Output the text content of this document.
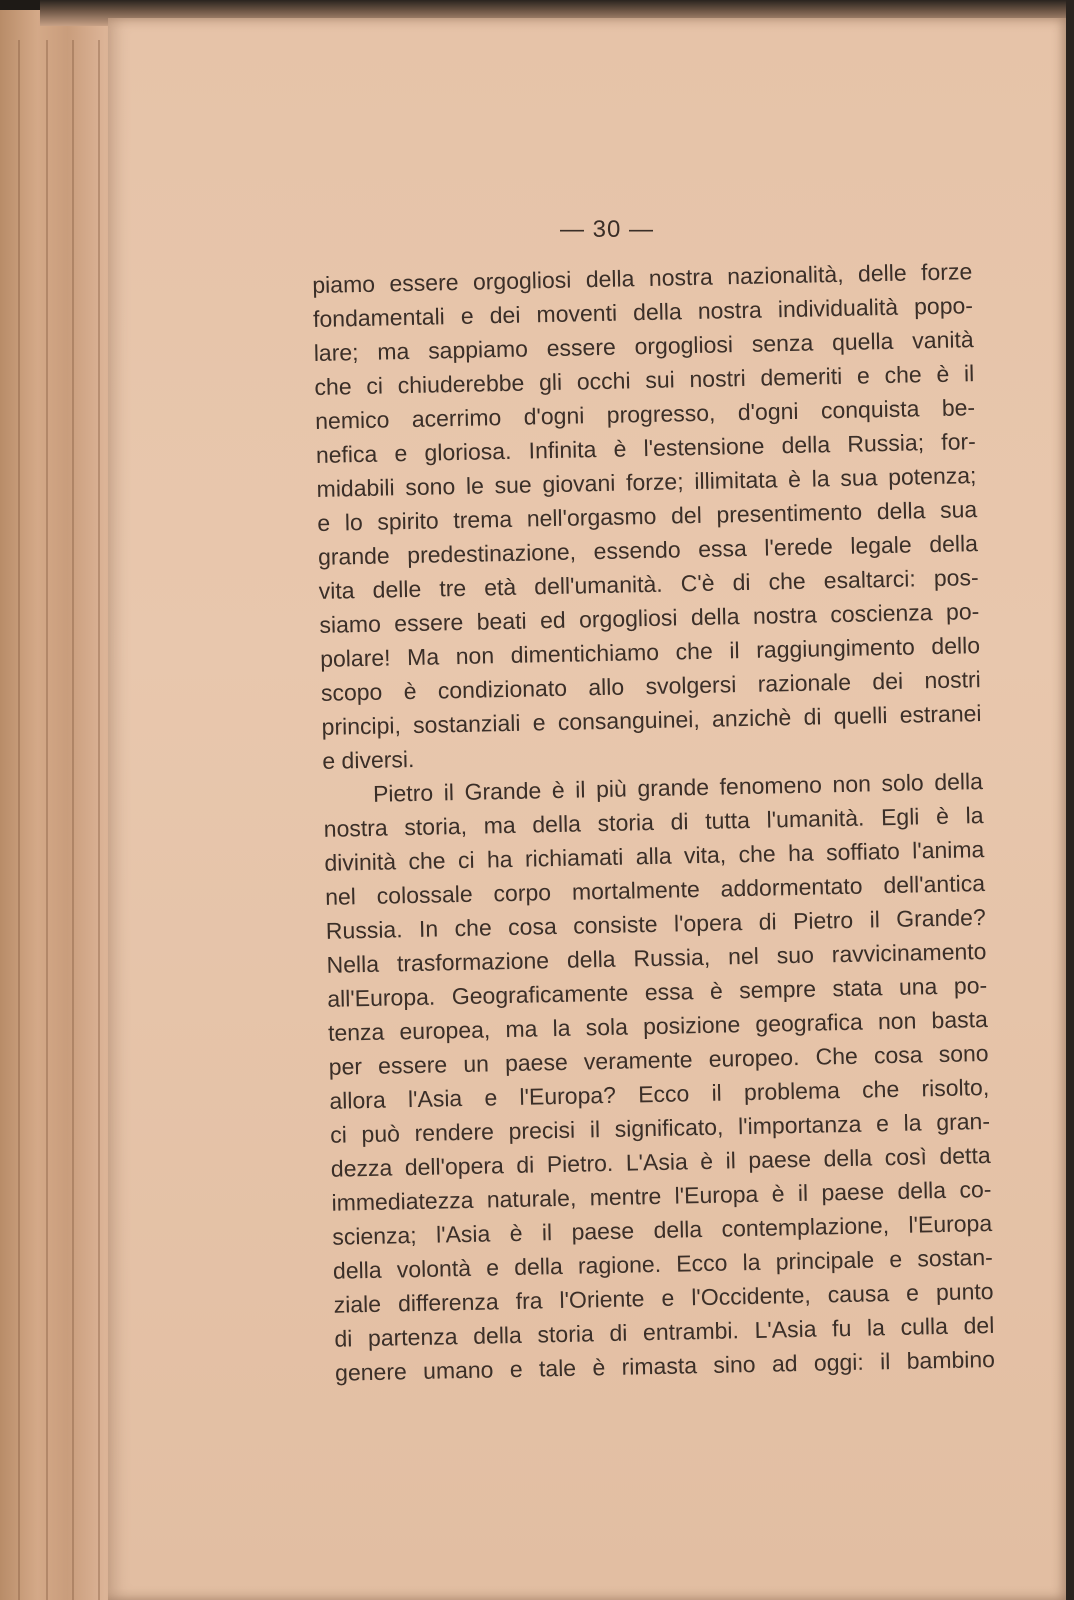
— 30 —
piamo essere orgogliosi della nostra nazionalità, delle forze
fondamentali e dei moventi della nostra individualità popo-
lare; ma sappiamo essere orgogliosi senza quella vanità
che ci chiuderebbe gli occhi sui nostri demeriti e che è il
nemico acerrimo d'ogni progresso, d'ogni conquista be-
nefica e gloriosa. Infinita è l'estensione della Russia; for-
midabili sono le sue giovani forze; illimitata è la sua potenza;
e lo spirito trema nell'orgasmo del presentimento della sua
grande predestinazione, essendo essa l'erede legale della
vita delle tre età dell'umanità. C'è di che esaltarci: pos-
siamo essere beati ed orgogliosi della nostra coscienza po-
polare! Ma non dimentichiamo che il raggiungimento dello
scopo è condizionato allo svolgersi razionale dei nostri
principi, sostanziali e consanguinei, anzichè di quelli estranei
e diversi.
Pietro il Grande è il più grande fenomeno non solo della
nostra storia, ma della storia di tutta l'umanità. Egli è la
divinità che ci ha richiamati alla vita, che ha soffiato l'anima
nel colossale corpo mortalmente addormentato dell'antica
Russia. In che cosa consiste l'opera di Pietro il Grande?
Nella trasformazione della Russia, nel suo ravvicinamento
all'Europa. Geograficamente essa è sempre stata una po-
tenza europea, ma la sola posizione geografica non basta
per essere un paese veramente europeo. Che cosa sono
allora l'Asia e l'Europa? Ecco il problema che risolto,
ci può rendere precisi il significato, l'importanza e la gran-
dezza dell'opera di Pietro. L'Asia è il paese della così detta
immediatezza naturale, mentre l'Europa è il paese della co-
scienza; l'Asia è il paese della contemplazione, l'Europa
della volontà e della ragione. Ecco la principale e sostan-
ziale differenza fra l'Oriente e l'Occidente, causa e punto
di partenza della storia di entrambi. L'Asia fu la culla del
genere umano e tale è rimasta sino ad oggi: il bambino
